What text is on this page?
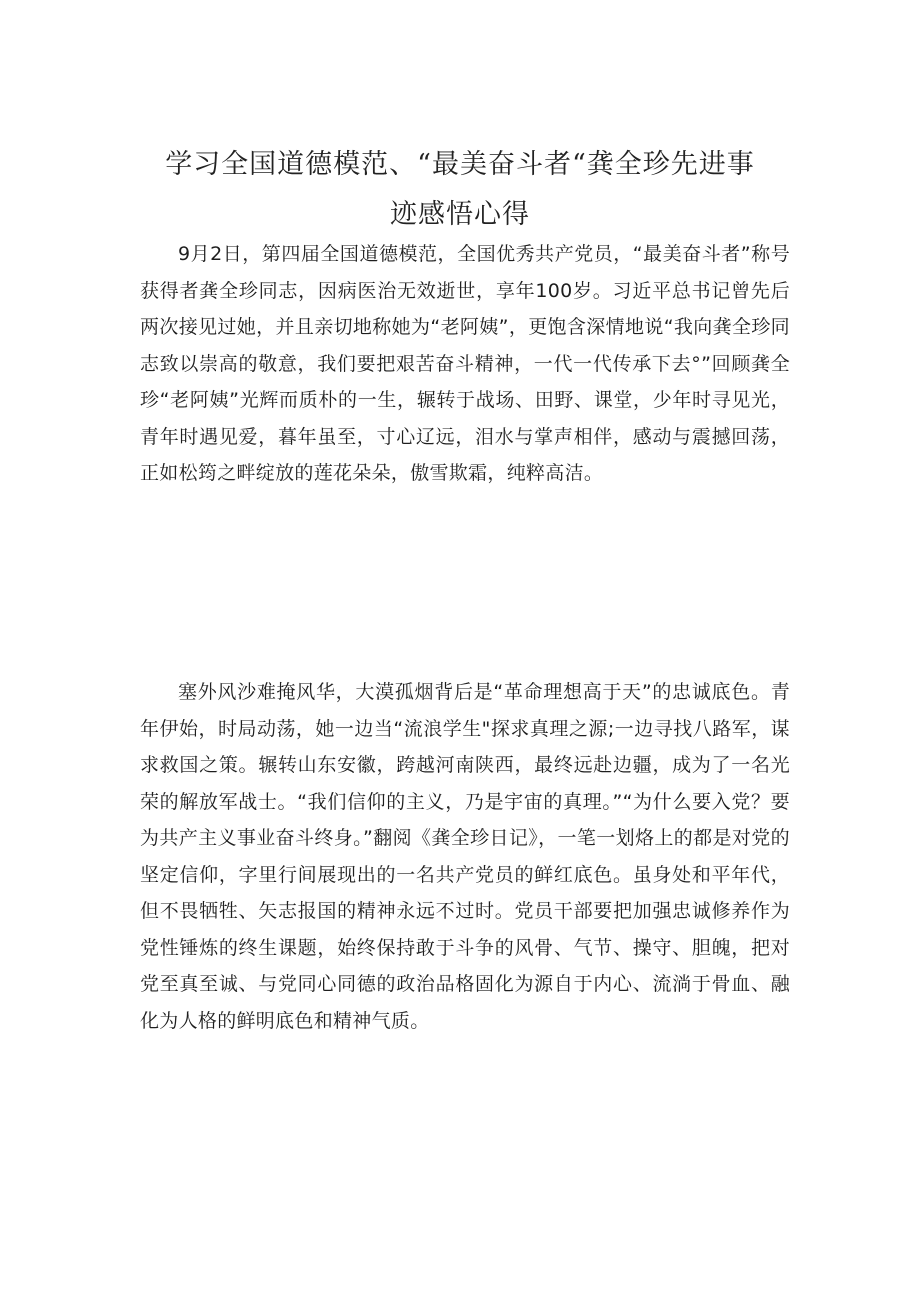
学习全国道德模范、“最美奋斗者“龚全珍先进事
迹感悟心得

9月2日，第四届全国道德模范，全国优秀共产党员，“最美奋斗者”称号获得者龚全珍同志，因病医治无效逝世，享年100岁。习近平总书记曾先后两次接见过她，并且亲切地称她为“老阿姨”，更饱含深情地说“我向龚全珍同志致以崇高的敬意，我们要把艰苦奋斗精神，一代一代传承下去°”回顾龚全珍“老阿姨”光辉而质朴的一生，辗转于战场、田野、课堂，少年时寻见光，青年时遇见爱，暮年虽至，寸心辽远，泪水与掌声相伴，感动与震撼回荡，正如松筠之畔绽放的莲花朵朵，傲雪欺霜，纯粹高洁。

塞外风沙难掩风华，大漠孤烟背后是“革命理想高于天”的忠诚底色。青年伊始，时局动荡，她一边当“流浪学生"探求真理之源;一边寻找八路军，谋求救国之策。辗转山东安徽，跨越河南陕西，最终远赴边疆，成为了一名光荣的解放军战士。“我们信仰的主义，乃是宇宙的真理。”“为什么要入党？要为共产主义事业奋斗终身。”翻阅《龚全珍日记》，一笔一划烙上的都是对党的坚定信仰，字里行间展现出的一名共产党员的鲜红底色。虽身处和平年代，但不畏牺牲、矢志报国的精神永远不过时。党员干部要把加强忠诚修养作为党性锤炼的终生课题，始终保持敢于斗争的风骨、气节、操守、胆魄，把对党至真至诚、与党同心同德的政治品格固化为源自于内心、流淌于骨血、融化为人格的鲜明底色和精神气质。
